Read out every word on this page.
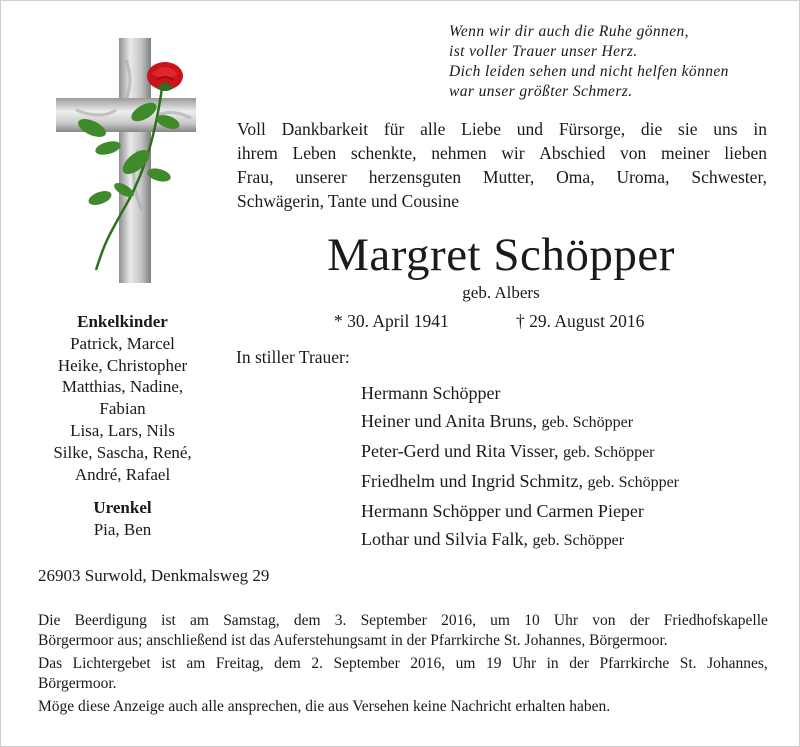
Wenn wir dir auch die Ruhe gönnen,
ist voller Trauer unser Herz.
Dich leiden sehen und nicht helfen können
war unser größter Schmerz.
Voll Dankbarkeit für alle Liebe und Fürsorge, die sie uns in
ihrem Leben schenkte, nehmen wir Abschied von meiner lieben
Frau, unserer herzensguten Mutter, Oma, Uroma, Schwester,
Schwägerin, Tante und Cousine
Margret Schöpper
geb. Albers
* 30. April 1941	† 29. August 2016
In stiller Trauer:
Hermann Schöpper
Heiner und Anita Bruns, geb. Schöpper
Peter-Gerd und Rita Visser, geb. Schöpper
Friedhelm und Ingrid Schmitz, geb. Schöpper
Hermann Schöpper und Carmen Pieper
Lothar und Silvia Falk, geb. Schöpper
Enkelkinder
Patrick, Marcel
Heike, Christopher
Matthias, Nadine,
Fabian
Lisa, Lars, Nils
Silke, Sascha, René,
André, Rafael
Urenkel
Pia, Ben
26903 Surwold, Denkmalsweg 29
Die Beerdigung ist am Samstag, dem 3. September 2016, um 10 Uhr von der Friedhofskapelle
Börgermoor aus; anschließend ist das Auferstehungsamt in der Pfarrkirche St. Johannes, Börgermoor.
Das Lichtergebet ist am Freitag, dem 2. September 2016, um 19 Uhr in der Pfarrkirche St. Johannes,
Börgermoor.
Möge diese Anzeige auch alle ansprechen, die aus Versehen keine Nachricht erhalten haben.
